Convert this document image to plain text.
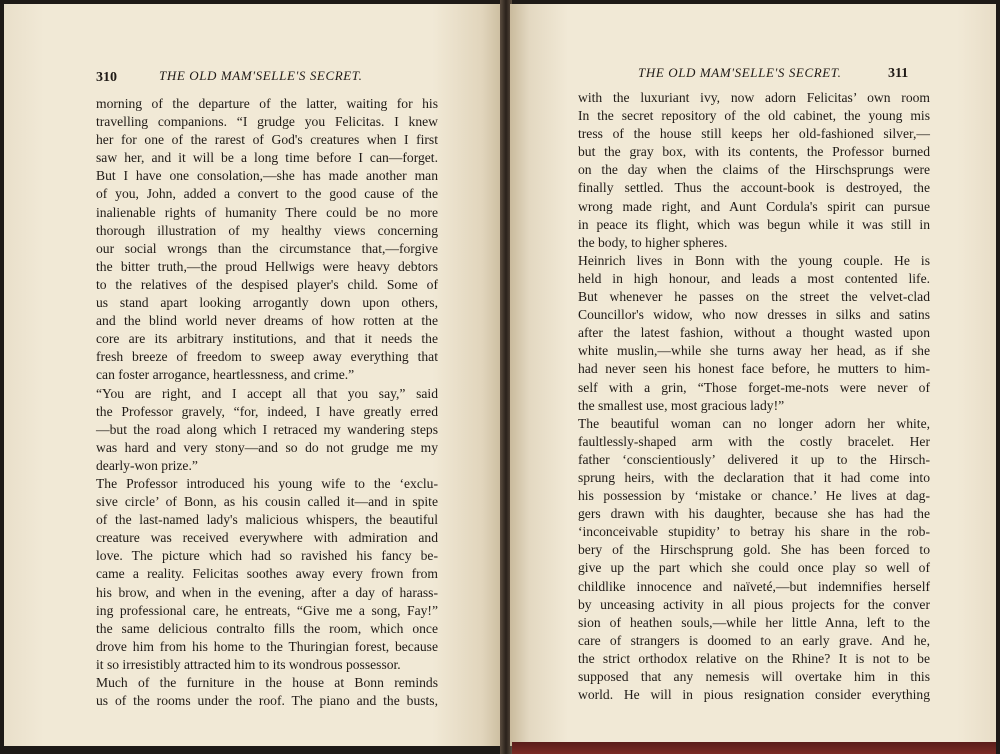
310	THE OLD MAM'SELLE'S SECRET.
morning of the departure of the latter, waiting for his
travelling companions. “I grudge you Felicitas. I knew
her for one of the rarest of God's creatures when I first
saw her, and it will be a long time before I can—forget.
But I have one consolation,—she has made another man
of you, John, added a convert to the good cause of the
inalienable rights of humanity There could be no more
thorough illustration of my healthy views concerning
our social wrongs than the circumstance that,—forgive
the bitter truth,—the proud Hellwigs were heavy debtors
to the relatives of the despised player's child. Some of
us stand apart looking arrogantly down upon others,
and the blind world never dreams of how rotten at the
core are its arbitrary institutions, and that it needs the
fresh breeze of freedom to sweep away everything that
can foster arrogance, heartlessness, and crime.”
“You are right, and I accept all that you say,” said
the Professor gravely, “for, indeed, I have greatly erred
—but the road along which I retraced my wandering steps
was hard and very stony—and so do not grudge me my
dearly-won prize.”
The Professor introduced his young wife to the ‘exclu-
sive circle’ of Bonn, as his cousin called it—and in spite
of the last-named lady's malicious whispers, the beautiful
creature was received everywhere with admiration and
love. The picture which had so ravished his fancy be-
came a reality. Felicitas soothes away every frown from
his brow, and when in the evening, after a day of harass-
ing professional care, he entreats, “Give me a song, Fay!”
the same delicious contralto fills the room, which once
drove him from his home to the Thuringian forest, because
it so irresistibly attracted him to its wondrous possessor.
Much of the furniture in the house at Bonn reminds
us of the rooms under the roof. The piano and the busts,
THE OLD MAM'SELLE'S SECRET.	311
with the luxuriant ivy, now adorn Felicitas’ own room
In the secret repository of the old cabinet, the young mis
tress of the house still keeps her old-fashioned silver,—
but the gray box, with its contents, the Professor burned
on the day when the claims of the Hirschsprungs were
finally settled. Thus the account-book is destroyed, the
wrong made right, and Aunt Cordula's spirit can pursue
in peace its flight, which was begun while it was still in
the body, to higher spheres.
Heinrich lives in Bonn with the young couple. He is
held in high honour, and leads a most contented life.
But whenever he passes on the street the velvet-clad
Councillor's widow, who now dresses in silks and satins
after the latest fashion, without a thought wasted upon
white muslin,—while she turns away her head, as if she
had never seen his honest face before, he mutters to him-
self with a grin, “Those forget-me-nots were never of
the smallest use, most gracious lady!”
The beautiful woman can no longer adorn her white,
faultlessly-shaped arm with the costly bracelet. Her
father ‘conscientiously’ delivered it up to the Hirsch-
sprung heirs, with the declaration that it had come into
his possession by ‘mistake or chance.’ He lives at dag-
gers drawn with his daughter, because she has had the
‘inconceivable stupidity’ to betray his share in the rob-
bery of the Hirschsprung gold. She has been forced to
give up the part which she could once play so well of
childlike innocence and naïveté,—but indemnifies herself
by unceasing activity in all pious projects for the conver
sion of heathen souls,—while her little Anna, left to the
care of strangers is doomed to an early grave. And he,
the strict orthodox relative on the Rhine? It is not to be
supposed that any nemesis will overtake him in this
world. He will in pious resignation consider everything
